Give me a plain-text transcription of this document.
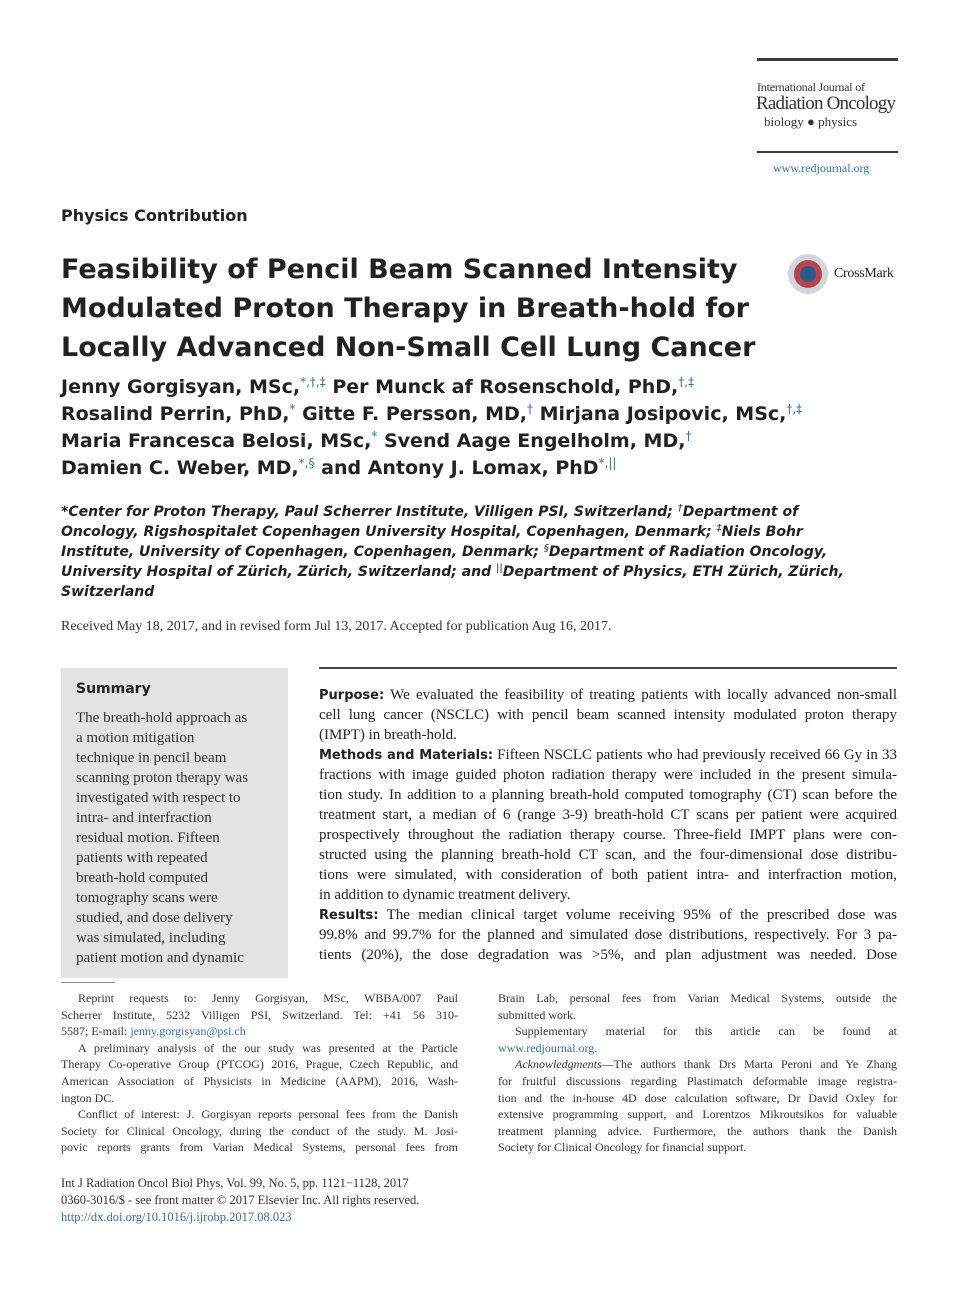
International Journal of
Radiation Oncology
biology ● physics
www.redjournal.org
Physics Contribution
Feasibility of Pencil Beam Scanned Intensity
Modulated Proton Therapy in Breath-hold for
Locally Advanced Non-Small Cell Lung Cancer
CrossMark
Jenny Gorgisyan, MSc,*,†,‡ Per Munck af Rosenschold, PhD,†,‡
Rosalind Perrin, PhD,* Gitte F. Persson, MD,† Mirjana Josipovic, MSc,†,‡
Maria Francesca Belosi, MSc,* Svend Aage Engelholm, MD,†
Damien C. Weber, MD,*,§ and Antony J. Lomax, PhD*,||
*Center for Proton Therapy, Paul Scherrer Institute, Villigen PSI, Switzerland; †Department of
Oncology, Rigshospitalet Copenhagen University Hospital, Copenhagen, Denmark; ‡Niels Bohr
Institute, University of Copenhagen, Copenhagen, Denmark; §Department of Radiation Oncology,
University Hospital of Zürich, Zürich, Switzerland; and ||Department of Physics, ETH Zürich, Zürich,
Switzerland
Received May 18, 2017, and in revised form Jul 13, 2017. Accepted for publication Aug 16, 2017.
Summary
The breath-hold approach as
a motion mitigation
technique in pencil beam
scanning proton therapy was
investigated with respect to
intra- and interfraction
residual motion. Fifteen
patients with repeated
breath-hold computed
tomography scans were
studied, and dose delivery
was simulated, including
patient motion and dynamic
Purpose: We evaluated the feasibility of treating patients with locally advanced non-small
cell lung cancer (NSCLC) with pencil beam scanned intensity modulated proton therapy
(IMPT) in breath-hold.
Methods and Materials: Fifteen NSCLC patients who had previously received 66 Gy in 33
fractions with image guided photon radiation therapy were included in the present simula-
tion study. In addition to a planning breath-hold computed tomography (CT) scan before the
treatment start, a median of 6 (range 3-9) breath-hold CT scans per patient were acquired
prospectively throughout the radiation therapy course. Three-field IMPT plans were con-
structed using the planning breath-hold CT scan, and the four-dimensional dose distribu-
tions were simulated, with consideration of both patient intra- and interfraction motion,
in addition to dynamic treatment delivery.
Results: The median clinical target volume receiving 95% of the prescribed dose was
99.8% and 99.7% for the planned and simulated dose distributions, respectively. For 3 pa-
tients (20%), the dose degradation was >5%, and plan adjustment was needed. Dose
Reprint requests to: Jenny Gorgisyan, MSc, WBBA/007 Paul
Scherrer Institute, 5232 Villigen PSI, Switzerland. Tel: +41 56 310-
5587; E-mail: jenny.gorgisyan@psi.ch
A preliminary analysis of the our study was presented at the Particle
Therapy Co-operative Group (PTCOG) 2016, Prague, Czech Republic, and
American Association of Physicists in Medicine (AAPM), 2016, Wash-
ington DC.
Conflict of interest: J. Gorgisyan reports personal fees from the Danish
Society for Clinical Oncology, during the conduct of the study. M. Josi-
povic reports grants from Varian Medical Systems, personal fees from
Brain Lab, personal fees from Varian Medical Systems, outside the
submitted work.
Supplementary material for this article can be found at
www.redjournal.org.
Acknowledgments—The authors thank Drs Marta Peroni and Ye Zhang
for fruitful discussions regarding Plastimatch deformable image registra-
tion and the in-house 4D dose calculation software, Dr David Oxley for
extensive programming support, and Lorentzos Mikroutsikos for valuable
treatment planning advice. Furthermore, the authors thank the Danish
Society for Clinical Oncology for financial support.
Int J Radiation Oncol Biol Phys, Vol. 99, No. 5, pp. 1121−1128, 2017
0360-3016/$ - see front matter © 2017 Elsevier Inc. All rights reserved.
http://dx.doi.org/10.1016/j.ijrobp.2017.08.023
